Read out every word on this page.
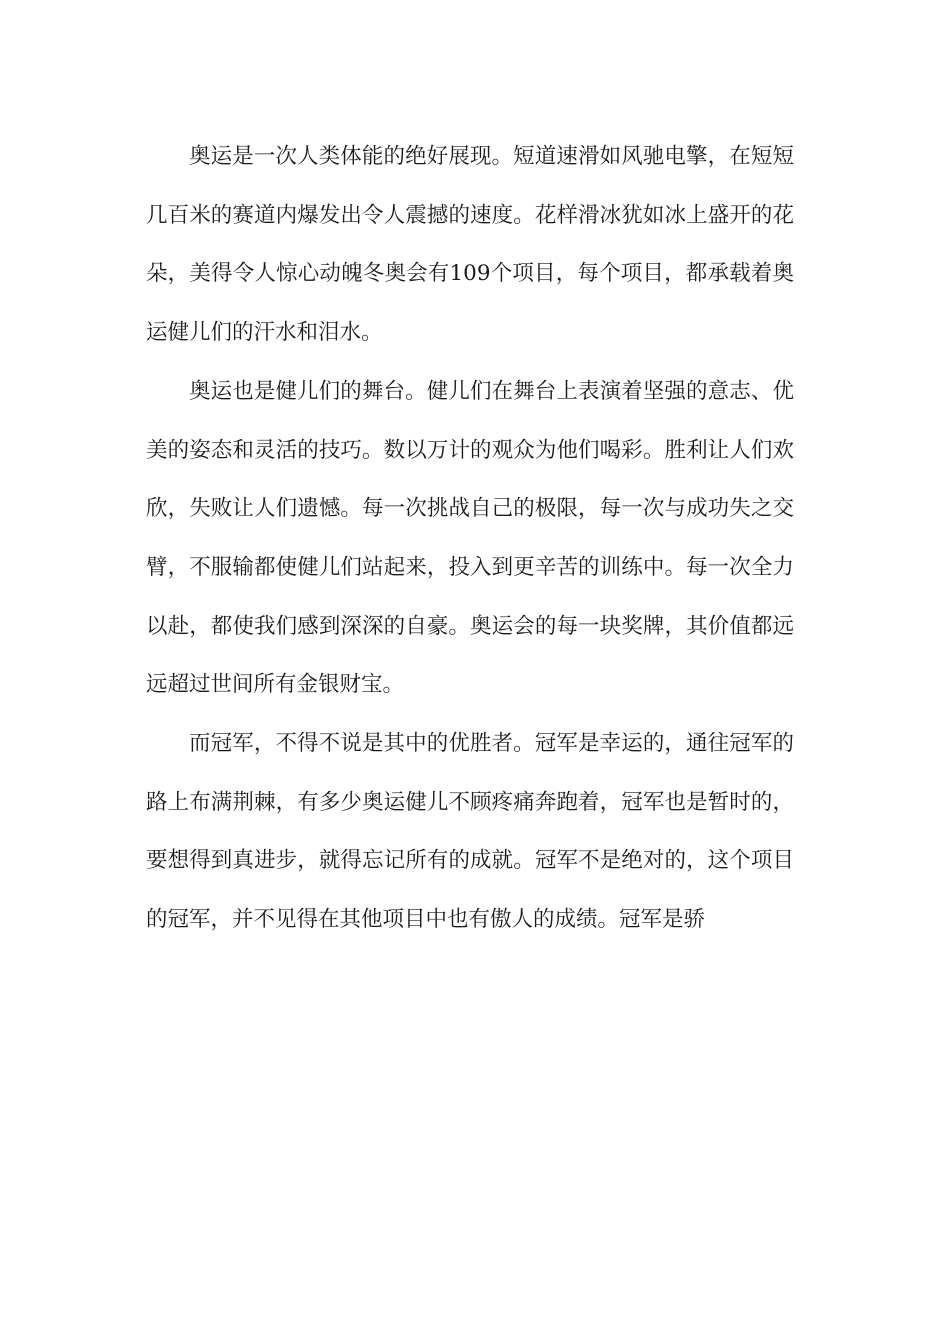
奥运是一次人类体能的绝好展现。短道速滑如风驰电擎，在短短几百米的赛道内爆发出令人震撼的速度。花样滑冰犹如冰上盛开的花朵，美得令人惊心动魄冬奥会有109个项目，每个项目，都承载着奥运健儿们的汗水和泪水。

奥运也是健儿们的舞台。健儿们在舞台上表演着坚强的意志、优美的姿态和灵活的技巧。数以万计的观众为他们喝彩。胜利让人们欢欣，失败让人们遗憾。每一次挑战自己的极限，每一次与成功失之交臂，不服输都使健儿们站起来，投入到更辛苦的训练中。每一次全力以赴，都使我们感到深深的自豪。奥运会的每一块奖牌，其价值都远远超过世间所有金银财宝。

而冠军，不得不说是其中的优胜者。冠军是幸运的，通往冠军的路上布满荆棘，有多少奥运健儿不顾疼痛奔跑着，冠军也是暂时的，要想得到真进步，就得忘记所有的成就。冠军不是绝对的，这个项目的冠军，并不见得在其他项目中也有傲人的成绩。冠军是骄
